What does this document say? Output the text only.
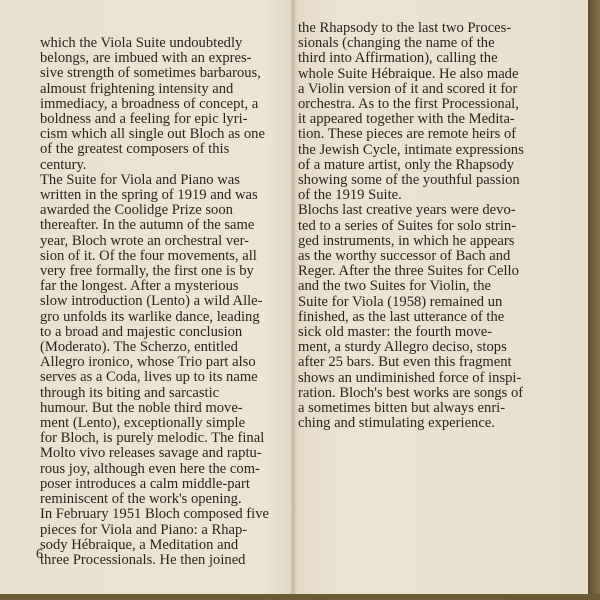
which the Viola Suite undoubtedly
belongs, are imbued with an expres-
sive strength of sometimes barbarous,
almoust frightening intensity and
immediacy, a broadness of concept, a
boldness and a feeling for epic lyri-
cism which all single out Bloch as one
of the greatest composers of this
century.
The Suite for Viola and Piano was
written in the spring of 1919 and was
awarded the Coolidge Prize soon
thereafter. In the autumn of the same
year, Bloch wrote an orchestral ver-
sion of it. Of the four movements, all
very free formally, the first one is by
far the longest. After a mysterious
slow introduction (Lento) a wild Alle-
gro unfolds its warlike dance, leading
to a broad and majestic conclusion
(Moderato). The Scherzo, entitled
Allegro ironico, whose Trio part also
serves as a Coda, lives up to its name
through its biting and sarcastic
humour. But the noble third move-
ment (Lento), exceptionally simple
for Bloch, is purely melodic. The final
Molto vivo releases savage and raptu-
rous joy, although even here the com-
poser introduces a calm middle-part
reminiscent of the work's opening.
In February 1951 Bloch composed five
pieces for Viola and Piano: a Rhap-
sody Hébraique, a Meditation and
three Processionals. He then joined
the Rhapsody to the last two Proces-
sionals (changing the name of the
third into Affirmation), calling the
whole Suite Hébraique. He also made
a Violin version of it and scored it for
orchestra. As to the first Processional,
it appeared together with the Medita-
tion. These pieces are remote heirs of
the Jewish Cycle, intimate expressions
of a mature artist, only the Rhapsody
showing some of the youthful passion
of the 1919 Suite.
Blochs last creative years were devo-
ted to a series of Suites for solo strin-
ged instruments, in which he appears
as the worthy successor of Bach and
Reger. After the three Suites for Cello
and the two Suites for Violin, the
Suite for Viola (1958) remained un
finished, as the last utterance of the
sick old master: the fourth move-
ment, a sturdy Allegro deciso, stops
after 25 bars. But even this fragment
shows an undiminished force of inspi-
ration. Bloch's best works are songs of
a sometimes bitten but always enri-
ching and stimulating experience.
6
